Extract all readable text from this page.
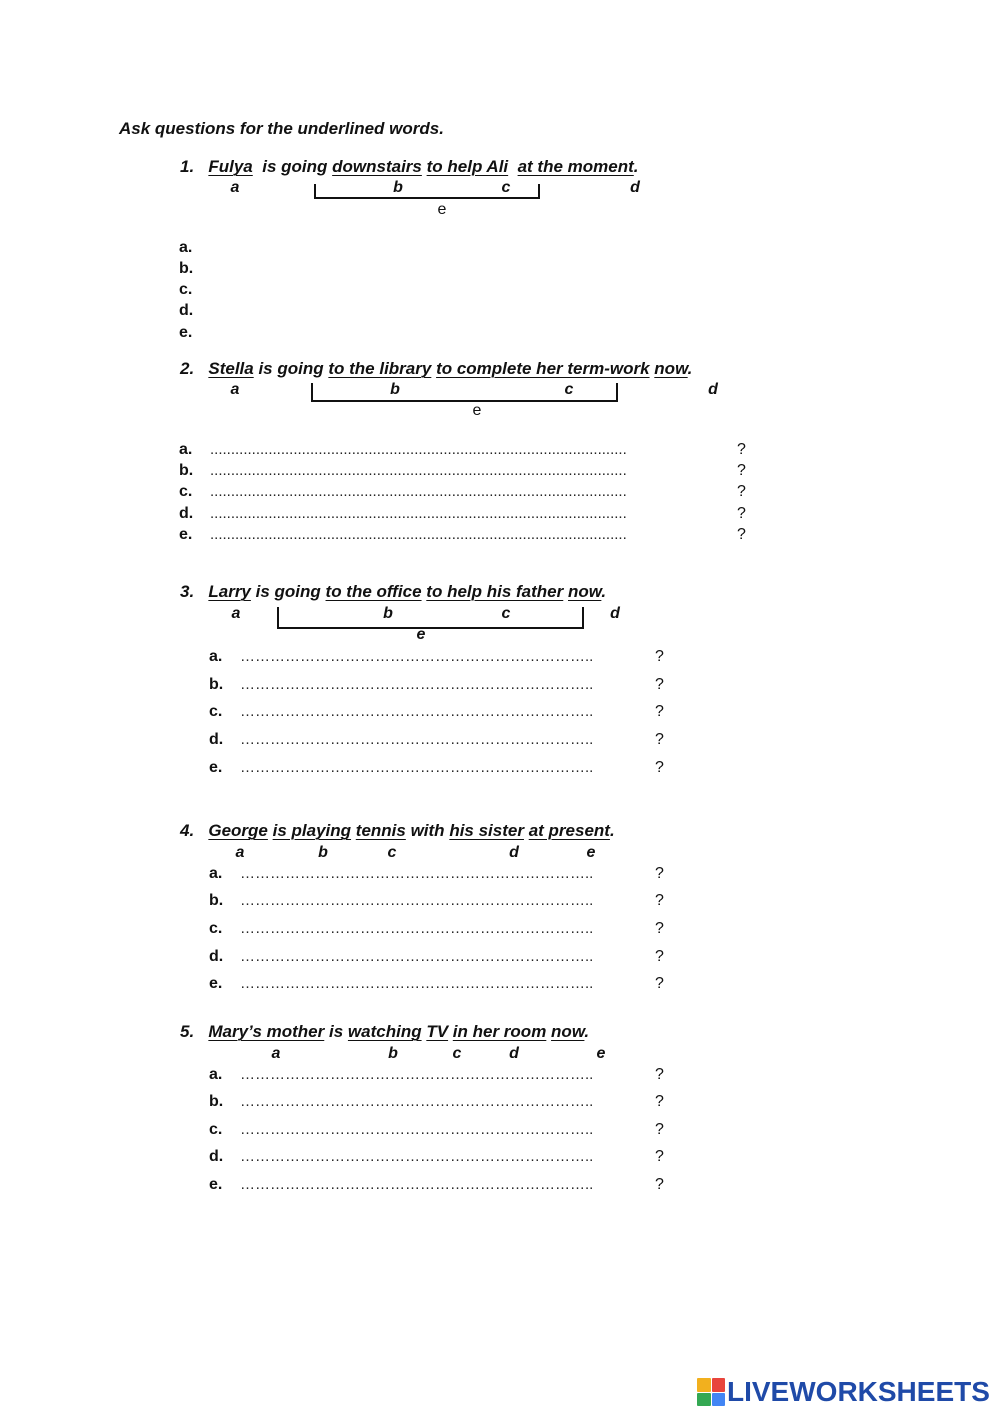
Ask questions for the underlined words.
1. Fulya is going downstairs to help Ali at the moment.
a	b	c	d
e
a.
b.
c.
d.
e.
2. Stella is going to the library to complete her term-work now.
a	b	c	d
e
a. ....................................................................................................	?
b. ....................................................................................................	?
c. ....................................................................................................	?
d. ....................................................................................................	?
e. ....................................................................................................	?
3. Larry is going to the office to help his father now.
a	b	c	d
e
a. ……………………………………………………………..	?
b. ……………………………………………………………..	?
c. ……………………………………………………………..	?
d. ……………………………………………………………..	?
e. ……………………………………………………………..	?
4. George is playing tennis with his sister at present.
a	b	c	d	e
a. ……………………………………………………………..	?
b. ……………………………………………………………..	?
c. ……………………………………………………………..	?
d. ……………………………………………………………..	?
e. ……………………………………………………………..	?
5. Mary’s mother is watching TV in her room now.
a	b	c	d	e
a. ……………………………………………………………..	?
b. ……………………………………………………………..	?
c. ……………………………………………………………..	?
d. ……………………………………………………………..	?
e. ……………………………………………………………..	?
LIVEWORKSHEETS
